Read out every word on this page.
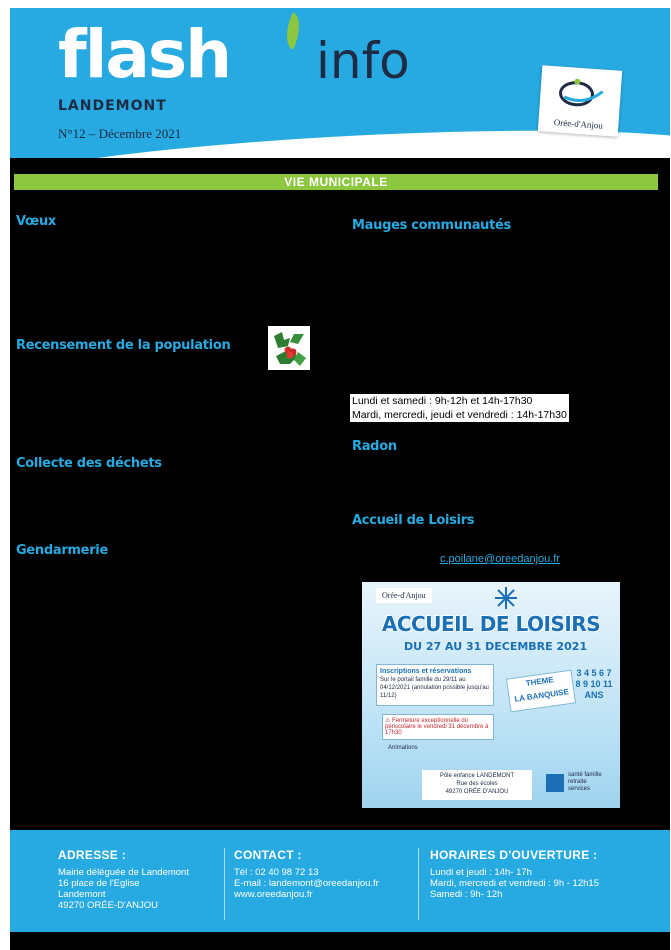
flash info
LANDEMONT
N°12 – Décembre 2021
Orée-d'Anjou
VIE MUNICIPALE
Vœux
Recensement de la population
Collecte des déchets
Gendarmerie
Mauges communautés
Lundi et samedi : 9h-12h et 14h-17h30
Mardi, mercredi, jeudi et vendredi : 14h-17h30
Radon
Accueil de Loisirs
c.poilane@oreedanjou.fr
Orée-d'Anjou
ACCUEIL DE LOISIRS
DU 27 AU 31 DECEMBRE 2021
Inscriptions et réservations
Sur le portail famille du 29/11 au 04/12/2021 (annulation possible jusqu'au 11/12)
THEME
LA BANQUISE
3 4 5 6 7 8 9 10 11 ANS
⚠ Fermeture exceptionnelle du périscolaire le vendredi 31 décembre à 17h30
Animations
Pôle enfance LANDEMONT
Rue des écoles
49270 ORÉE D'ANJOU
santé famille retraite services
ADRESSE :
Mairie déléguée de Landemont
16 place de l'Eglise
Landemont
49270 ORÉE-D'ANJOU
CONTACT :
Tél : 02 40 98 72 13
E-mail : landemont@oreedanjou.fr
www.oreedanjou.fr
HORAIRES D'OUVERTURE :
Lundi et jeudi : 14h- 17h
Mardi, mercredi et vendredi : 9h - 12h15
Samedi : 9h- 12h
